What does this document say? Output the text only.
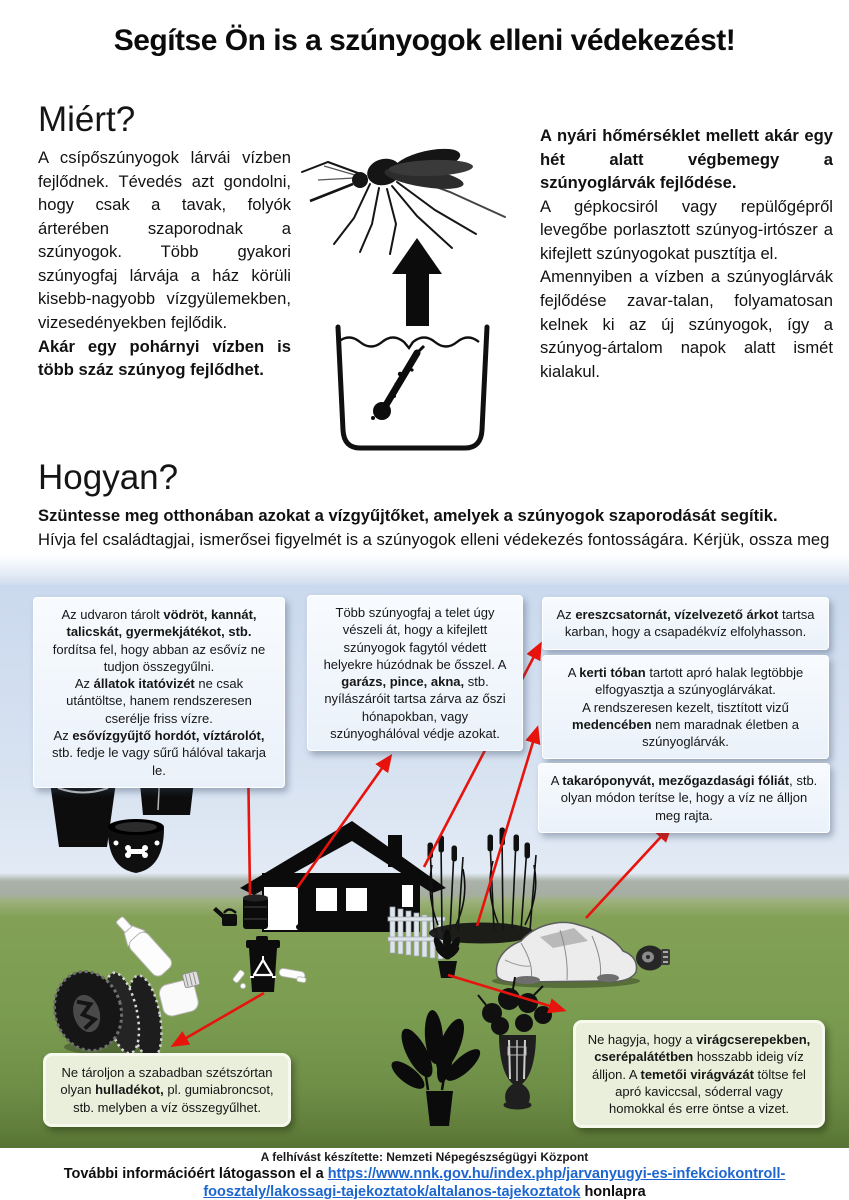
Segítse Ön is a szúnyogok elleni védekezést!
Miért?
A csípőszúnyogok lárvái vízben fejlődnek. Tévedés azt gondolni, hogy csak a tavak, folyók árterében szaporodnak a szúnyogok. Több gyakori szúnyogfaj lárvája a ház körüli kisebb-nagyobb vízgyülemekben, vizesedényekben fejlődik.
Akár egy pohárnyi vízben is több száz szúnyog fejlődhet.
A nyári hőmérséklet mellett akár egy hét alatt végbemegy a szúnyoglárvák fejlődése.
A gépkocsiról vagy repülőgépről levegőbe porlasztott szúnyog-irtószer a kifejlett szúnyogokat pusztítja el.
Amennyiben a vízben a szúnyoglárvák fejlődése zavar-talan, folyamatosan kelnek ki az új szúnyogok, így a szúnyog-ártalom napok alatt ismét kialakul.
Hogyan?
Szüntesse meg otthonában azokat a vízgyűjtőket, amelyek a szúnyogok szaporodását segítik.
Hívja fel családtagjai, ismerősei figyelmét is a szúnyogok elleni védekezés fontosságára. Kérjük, ossza meg
Az udvaron tárolt vödröt, kannát, talicskát, gyermekjátékot, stb. fordítsa fel, hogy abban az esővíz ne tudjon összegyűlni.
Az állatok itatóvizét ne csak utántöltse, hanem rendszeresen cserélje friss vízre.
Az esővízgyűjtő hordót, víztárolót, stb. fedje le vagy sűrű hálóval takarja le.
Több szúnyogfaj a telet úgy vészeli át, hogy a kifejlett szúnyogok fagytól védett helyekre húzódnak be ősszel. A garázs, pince, akna, stb. nyílászáróit tartsa zárva az őszi hónapokban, vagy szúnyoghálóval védje azokat.
Az ereszcsatornát, vízelvezető árkot tartsa karban, hogy a csapadékvíz elfolyhasson.
A kerti tóban tartott apró halak legtöbbje elfogyasztja a szúnyoglárvákat.
A rendszeresen kezelt, tisztított vizű medencében nem maradnak életben a szúnyoglárvák.
A takaróponyvát, mezőgazdasági fóliát, stb. olyan módon terítse le, hogy a víz ne álljon meg rajta.
Ne tároljon a szabadban szétszórtan olyan hulladékot, pl. gumiabroncsot, stb. melyben a víz összegyűlhet.
Ne hagyja, hogy a virágcserepekben, cserépalátétben hosszabb ideig víz álljon. A temetői virágvázát töltse fel apró kaviccsal, sóderral vagy homokkal és erre öntse a vizet.
A felhívást készítette: Nemzeti Népegészségügyi Központ
További információért látogasson el a https://www.nnk.gov.hu/index.php/jarvanyugyi-es-infekciokontroll-foosztaly/lakossagi-tajekoztatok/altalanos-tajekoztatok honlapra
